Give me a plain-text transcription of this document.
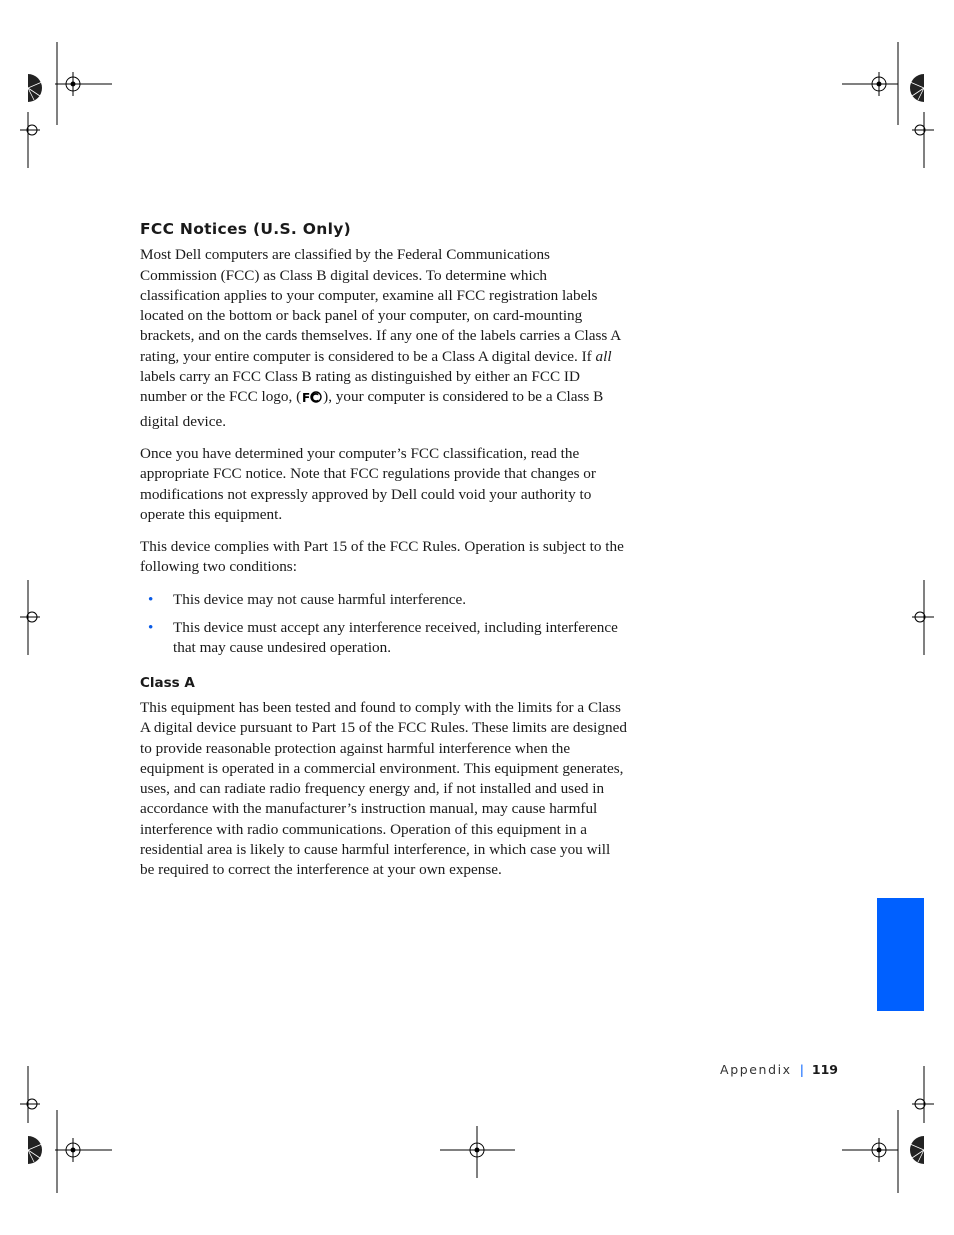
FCC Notices (U.S. Only)

Most Dell computers are classified by the Federal Communications Commission (FCC) as Class B digital devices. To determine which classification applies to your computer, examine all FCC registration labels located on the bottom or back panel of your computer, on card-mounting brackets, and on the cards themselves. If any one of the labels carries a Class A rating, your entire computer is considered to be a Class A digital device. If all labels carry an FCC Class B rating as distinguished by either an FCC ID number or the FCC logo, ( FC ), your computer is considered to be a Class B digital device.

Once you have determined your computer’s FCC classification, read the appropriate FCC notice. Note that FCC regulations provide that changes or modifications not expressly approved by Dell could void your authority to operate this equipment.

This device complies with Part 15 of the FCC Rules. Operation is subject to the following two conditions:

• This device may not cause harmful interference.
• This device must accept any interference received, including interference that may cause undesired operation.
Class A

This equipment has been tested and found to comply with the limits for a Class A digital device pursuant to Part 15 of the FCC Rules. These limits are designed to provide reasonable protection against harmful interference when the equipment is operated in a commercial environment. This equipment generates, uses, and can radiate radio frequency energy and, if not installed and used in accordance with the manufacturer’s instruction manual, may cause harmful interference with radio communications. Operation of this equipment in a residential area is likely to cause harmful interference, in which case you will be required to correct the interference at your own expense.

Appendix | 119
